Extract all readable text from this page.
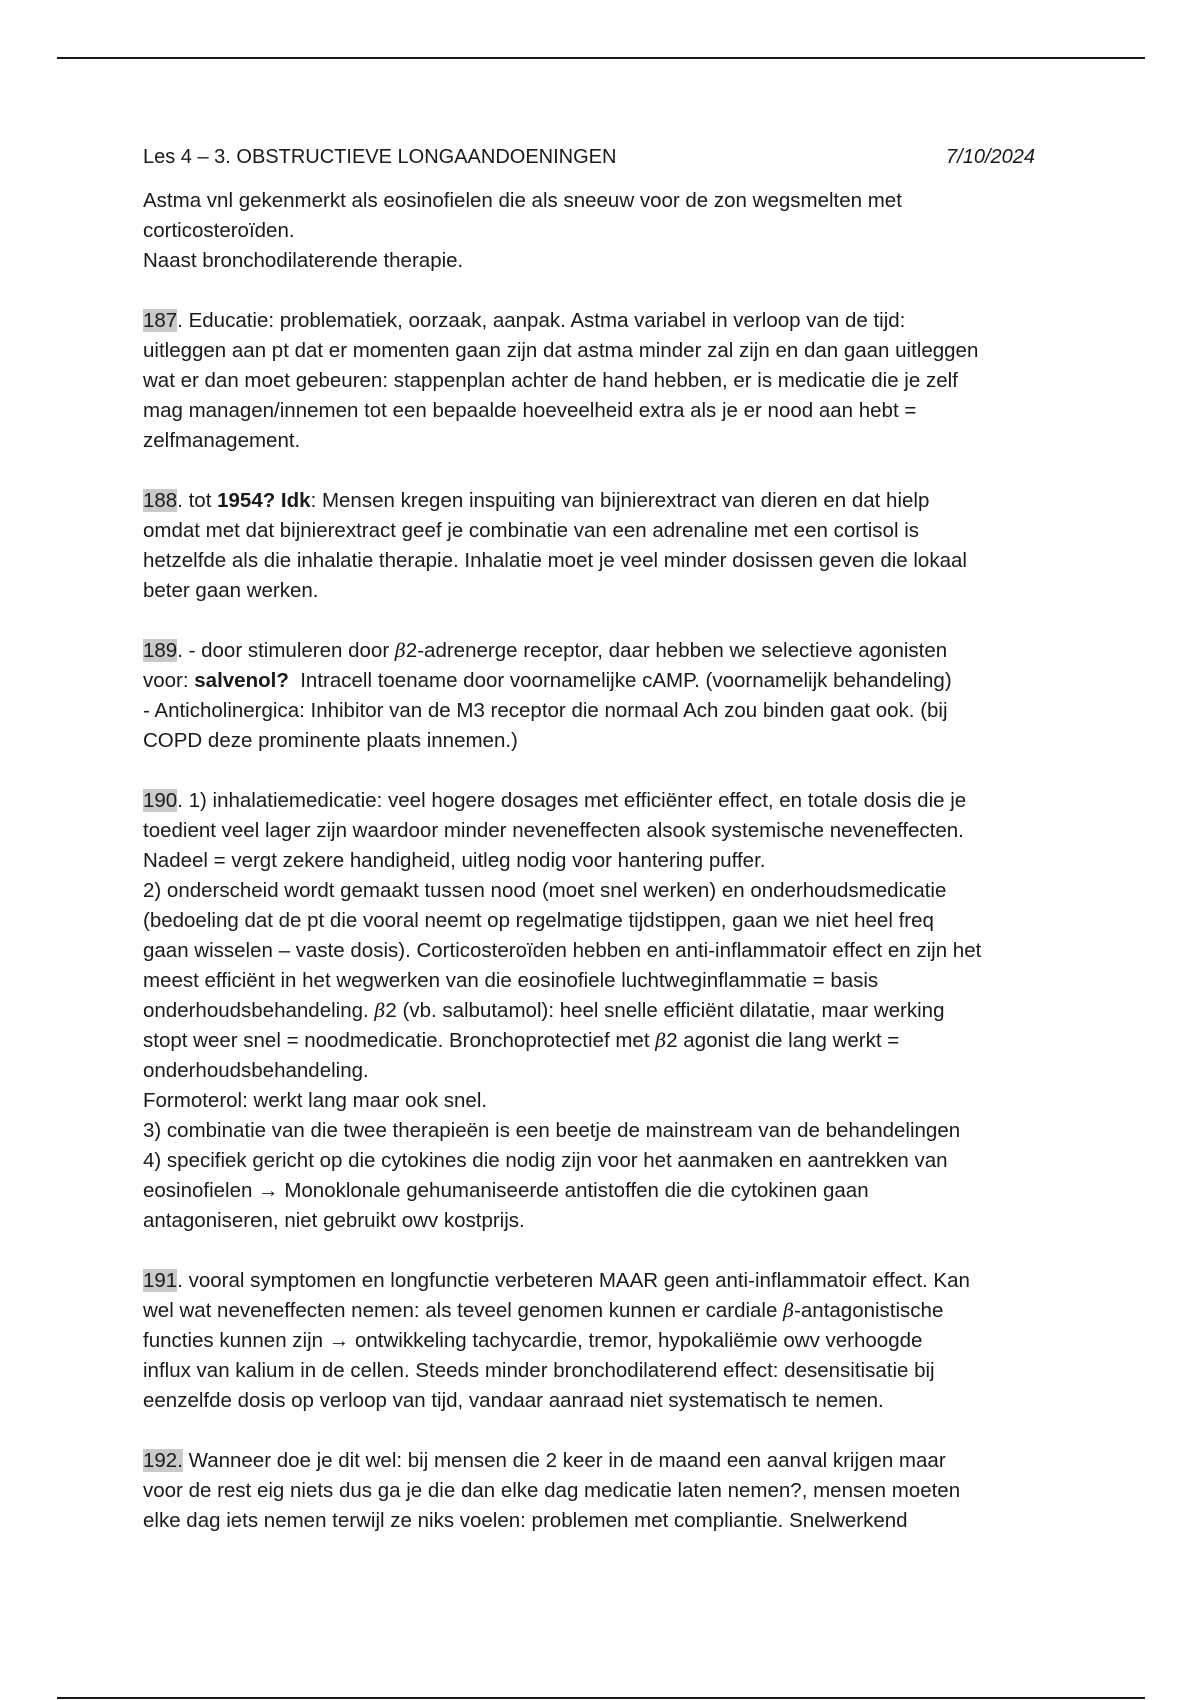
Les 4 – 3. OBSTRUCTIEVE LONGAANDOENINGEN	7/10/2024

Astma vnl gekenmerkt als eosinofielen die als sneeuw voor de zon wegsmelten met
corticosteroïden.
Naast bronchodilaterende therapie.

187. Educatie: problematiek, oorzaak, aanpak. Astma variabel in verloop van de tijd:
uitleggen aan pt dat er momenten gaan zijn dat astma minder zal zijn en dan gaan uitleggen
wat er dan moet gebeuren: stappenplan achter de hand hebben, er is medicatie die je zelf
mag managen/innemen tot een bepaalde hoeveelheid extra als je er nood aan hebt =
zelfmanagement.

188. tot 1954? Idk: Mensen kregen inspuiting van bijnierextract van dieren en dat hielp
omdat met dat bijnierextract geef je combinatie van een adrenaline met een cortisol is
hetzelfde als die inhalatie therapie. Inhalatie moet je veel minder dosissen geven die lokaal
beter gaan werken.

189. - door stimuleren door β2-adrenerge receptor, daar hebben we selectieve agonisten
voor: salvenol?  Intracell toename door voornamelijke cAMP. (voornamelijk behandeling)
- Anticholinergica: Inhibitor van de M3 receptor die normaal Ach zou binden gaat ook. (bij
COPD deze prominente plaats innemen.)

190. 1) inhalatiemedicatie: veel hogere dosages met efficiënter effect, en totale dosis die je
toedient veel lager zijn waardoor minder neveneffecten alsook systemische neveneffecten.
Nadeel = vergt zekere handigheid, uitleg nodig voor hantering puffer.
2) onderscheid wordt gemaakt tussen nood (moet snel werken) en onderhoudsmedicatie
(bedoeling dat de pt die vooral neemt op regelmatige tijdstippen, gaan we niet heel freq
gaan wisselen – vaste dosis). Corticosteroïden hebben en anti-inflammatoir effect en zijn het
meest efficiënt in het wegwerken van die eosinofiele luchtweginflammatie = basis
onderhoudsbehandeling. β2 (vb. salbutamol): heel snelle efficiënt dilatatie, maar werking
stopt weer snel = noodmedicatie. Bronchoprotectief met β2 agonist die lang werkt =
onderhoudsbehandeling.
Formoterol: werkt lang maar ook snel.
3) combinatie van die twee therapieën is een beetje de mainstream van de behandelingen
4) specifiek gericht op die cytokines die nodig zijn voor het aanmaken en aantrekken van
eosinofielen → Monoklonale gehumaniseerde antistoffen die die cytokinen gaan
antagoniseren, niet gebruikt owv kostprijs.

191. vooral symptomen en longfunctie verbeteren MAAR geen anti-inflammatoir effect. Kan
wel wat neveneffecten nemen: als teveel genomen kunnen er cardiale β-antagonistische
functies kunnen zijn → ontwikkeling tachycardie, tremor, hypokaliëmie owv verhoogde
influx van kalium in de cellen. Steeds minder bronchodilaterend effect: desensitisatie bij
eenzelfde dosis op verloop van tijd, vandaar aanraad niet systematisch te nemen.

192. Wanneer doe je dit wel: bij mensen die 2 keer in de maand een aanval krijgen maar
voor de rest eig niets dus ga je die dan elke dag medicatie laten nemen?, mensen moeten
elke dag iets nemen terwijl ze niks voelen: problemen met compliantie. Snelwerkend
